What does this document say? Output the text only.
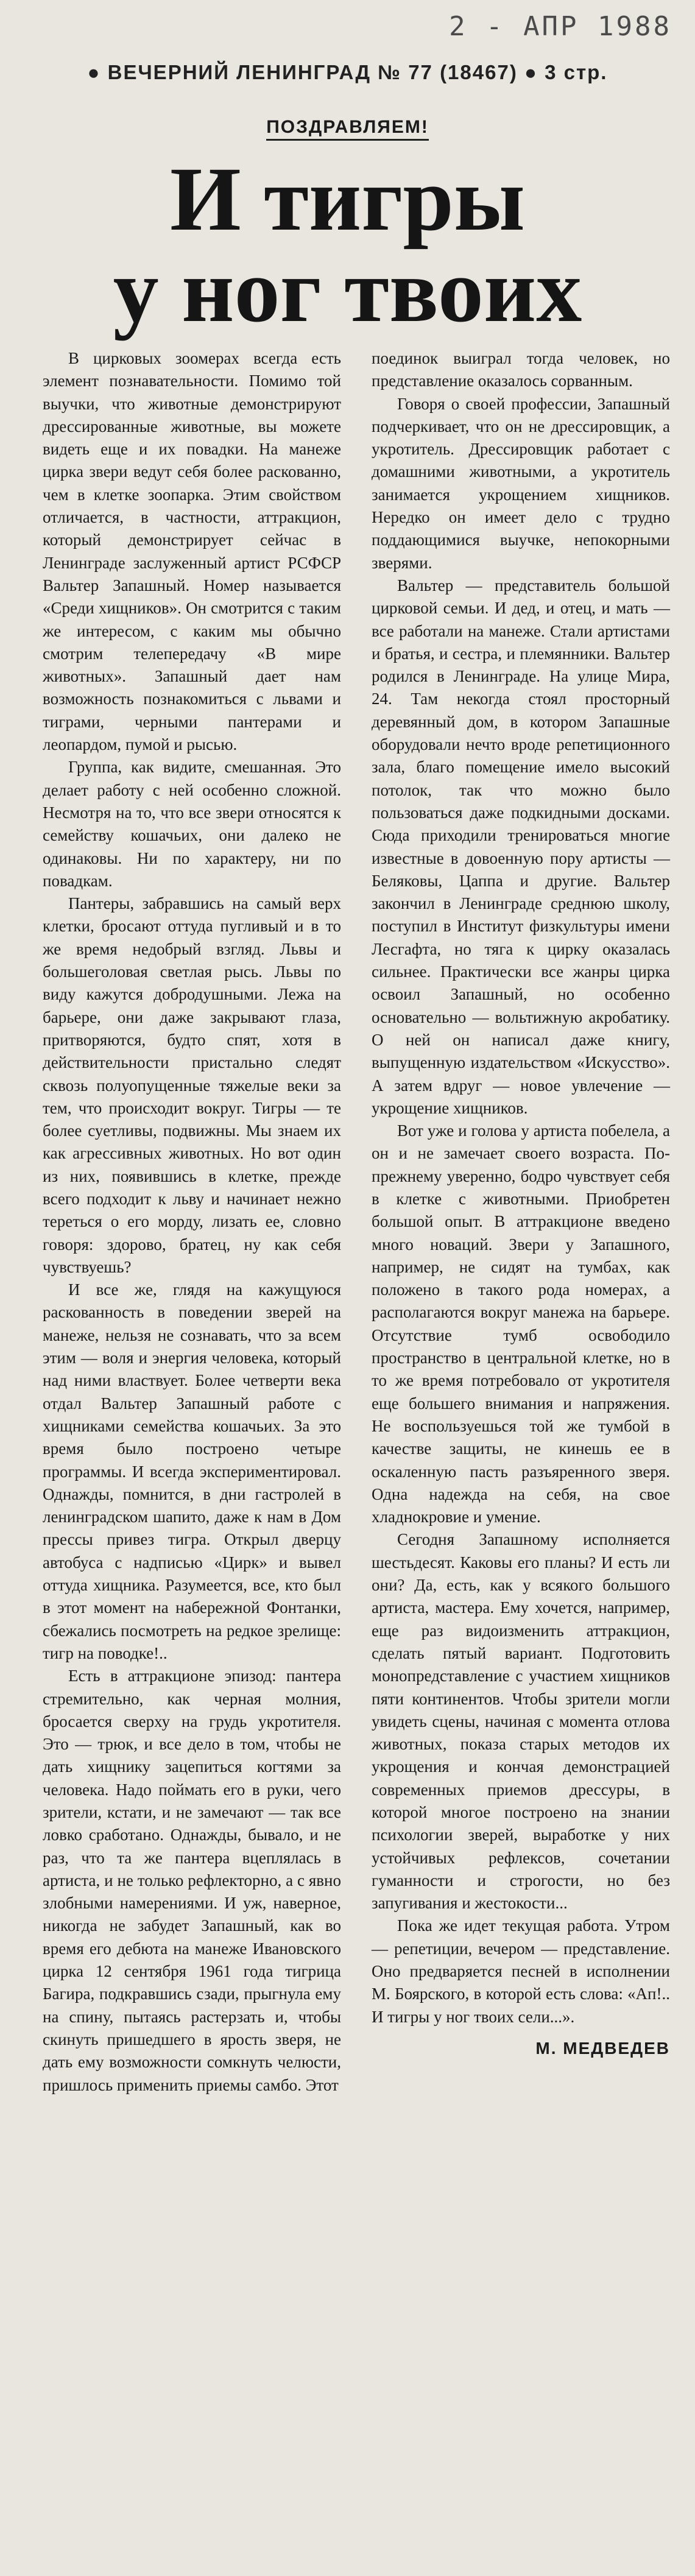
2 - АПР 1988
● ВЕЧЕРНИЙ ЛЕНИНГРАД № 77 (18467) ● 3 стр.
ПОЗДРАВЛЯЕМ!
И тигры
у ног твоих

В цирковых зоомерах всегда есть элемент познавательности. Помимо той выучки, что животные демонстрируют дрессированные животные, вы можете видеть еще и их повадки. На манеже цирка звери ведут себя более раскованно, чем в клетке зоопарка. Этим свойством отличается, в частности, аттракцион, который демонстрирует сейчас в Ленинграде заслуженный артист РСФСР Вальтер Запашный. Номер называется «Среди хищников». Он смотрится с таким же интересом, с каким мы обычно смотрим телепередачу «В мире животных». Запашный дает нам возможность познакомиться с львами и тиграми, черными пантерами и леопардом, пумой и рысью.

Группа, как видите, смешанная. Это делает работу с ней особенно сложной. Несмотря на то, что все звери относятся к семейству кошачьих, они далеко не одинаковы. Ни по характеру, ни по повадкам.

Пантеры, забравшись на самый верх клетки, бросают оттуда пугливый и в то же время недобрый взгляд. Львы и большеголовая светлая рысь. Львы по виду кажутся добродушными. Лежа на барьере, они даже закрывают глаза, притворяются, будто спят, хотя в действительности пристально следят сквозь полуопущенные тяжелые веки за тем, что происходит вокруг. Тигры — те более суетливы, подвижны. Мы знаем их как агрессивных животных. Но вот один из них, появившись в клетке, прежде всего подходит к льву и начинает нежно тереться о его морду, лизать ее, словно говоря: здорово, братец, ну как себя чувствуешь?

И все же, глядя на кажущуюся раскованность в поведении зверей на манеже, нельзя не сознавать, что за всем этим — воля и энергия человека, который над ними властвует. Более четверти века отдал Вальтер Запашный работе с хищниками семейства кошачьих. За это время было построено четыре программы. И всегда экспериментировал. Однажды, помнится, в дни гастролей в ленинградском шапито, даже к нам в Дом прессы привез тигра. Открыл дверцу автобуса с надписью «Цирк» и вывел оттуда хищника. Разумеется, все, кто был в этот момент на набережной Фонтанки, сбежались посмотреть на редкое зрелище: тигр на поводке!..

Есть в аттракционе эпизод: пантера стремительно, как черная молния, бросается сверху на грудь укротителя. Это — трюк, и все дело в том, чтобы не дать хищнику зацепиться когтями за человека. Надо поймать его в руки, чего зрители, кстати, и не замечают — так все ловко сработано. Однажды, бывало, и не раз, что та же пантера вцеплялась в артиста, и не только рефлекторно, а с явно злобными намерениями. И уж, наверное, никогда не забудет Запашный, как во время его дебюта на манеже Ивановского цирка 12 сентября 1961 года тигрица Багира, подкравшись сзади, прыгнула ему на спину, пытаясь растерзать и, чтобы скинуть пришедшего в ярость зверя, не дать ему возможности сомкнуть челюсти, пришлось применить приемы самбо. Этот

поединок выиграл тогда человек, но представление оказалось сорванным.

Говоря о своей профессии, Запашный подчеркивает, что он не дрессировщик, а укротитель. Дрессировщик работает с домашними животными, а укротитель занимается укрощением хищников. Нередко он имеет дело с трудно поддающимися выучке, непокорными зверями.

Вальтер — представитель большой цирковой семьи. И дед, и отец, и мать — все работали на манеже. Стали артистами и братья, и сестра, и племянники. Вальтер родился в Ленинграде. На улице Мира, 24. Там некогда стоял просторный деревянный дом, в котором Запашные оборудовали нечто вроде репетиционного зала, благо помещение имело высокий потолок, так что можно было пользоваться даже подкидными досками. Сюда приходили тренироваться многие известные в довоенную пору артисты — Беляковы, Цаппа и другие. Вальтер закончил в Ленинграде среднюю школу, поступил в Институт физкультуры имени Лесгафта, но тяга к цирку оказалась сильнее. Практически все жанры цирка освоил Запашный, но особенно основательно — вольтижную акробатику. О ней он написал даже книгу, выпущенную издательством «Искусство». А затем вдруг — новое увлечение — укрощение хищников.

Вот уже и голова у артиста побелела, а он и не замечает своего возраста. По-прежнему уверенно, бодро чувствует себя в клетке с животными. Приобретен большой опыт. В аттракционе введено много новаций. Звери у Запашного, например, не сидят на тумбах, как положено в такого рода номерах, а располагаются вокруг манежа на барьере. Отсутствие тумб освободило пространство в центральной клетке, но в то же время потребовало от укротителя еще большего внимания и напряжения. Не воспользуешься той же тумбой в качестве защиты, не кинешь ее в оскаленную пасть разъяренного зверя. Одна надежда на себя, на свое хладнокровие и умение.

Сегодня Запашному исполняется шестьдесят. Каковы его планы? И есть ли они? Да, есть, как у всякого большого артиста, мастера. Ему хочется, например, еще раз видоизменить аттракцион, сделать пятый вариант. Подготовить монопредставление с участием хищников пяти континентов. Чтобы зрители могли увидеть сцены, начиная с момента отлова животных, показа старых методов их укрощения и кончая демонстрацией современных приемов дрессуры, в которой многое построено на знании психологии зверей, выработке у них устойчивых рефлексов, сочетании гуманности и строгости, но без запугивания и жестокости...

Пока же идет текущая работа. Утром — репетиции, вечером — представление. Оно предваряется песней в исполнении М. Боярского, в которой есть слова: «Ап!.. И тигры у ног твоих сели...».

М. МЕДВЕДЕВ
